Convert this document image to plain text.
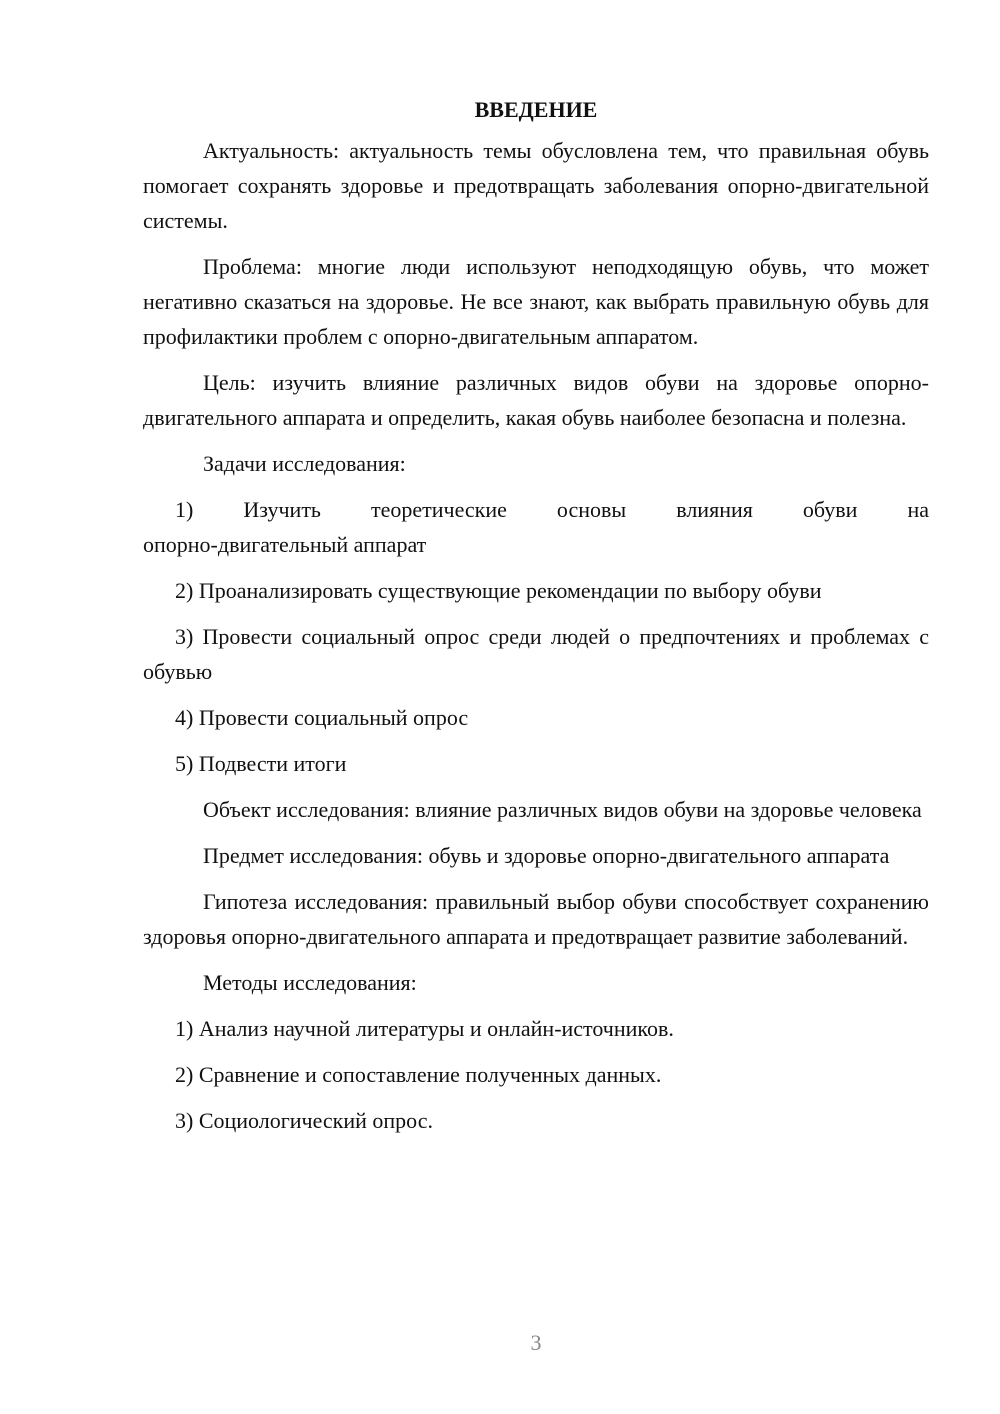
ВВЕДЕНИЕ

Актуальность: актуальность темы обусловлена тем, что правильная обувь помогает сохранять здоровье и предотвращать заболевания опорно-двигательной системы.

Проблема: многие люди используют неподходящую обувь, что может негативно сказаться на здоровье. Не все знают, как выбрать правильную обувь для профилактики проблем с опорно-двигательным аппаратом.

Цель: изучить влияние различных видов обуви на здоровье опорно-двигательного аппарата и определить, какая обувь наиболее безопасна и полезна.

Задачи исследования:

1) Изучить теоретические основы влияния обуви на

опорно-двигательный аппарат

2) Проанализировать существующие рекомендации по выбору обуви

3) Провести социальный опрос среди людей о предпочтениях и проблемах с обувью

4) Провести социальный опрос

5) Подвести итоги

Объект исследования: влияние различных видов обуви на здоровье человека

Предмет исследования: обувь и здоровье опорно-двигательного аппарата

Гипотеза исследования: правильный выбор обуви способствует сохранению здоровья опорно-двигательного аппарата и предотвращает развитие заболеваний.

Методы исследования:

1) Анализ научной литературы и онлайн-источников.

2) Сравнение и сопоставление полученных данных.

3) Социологический опрос.

3
